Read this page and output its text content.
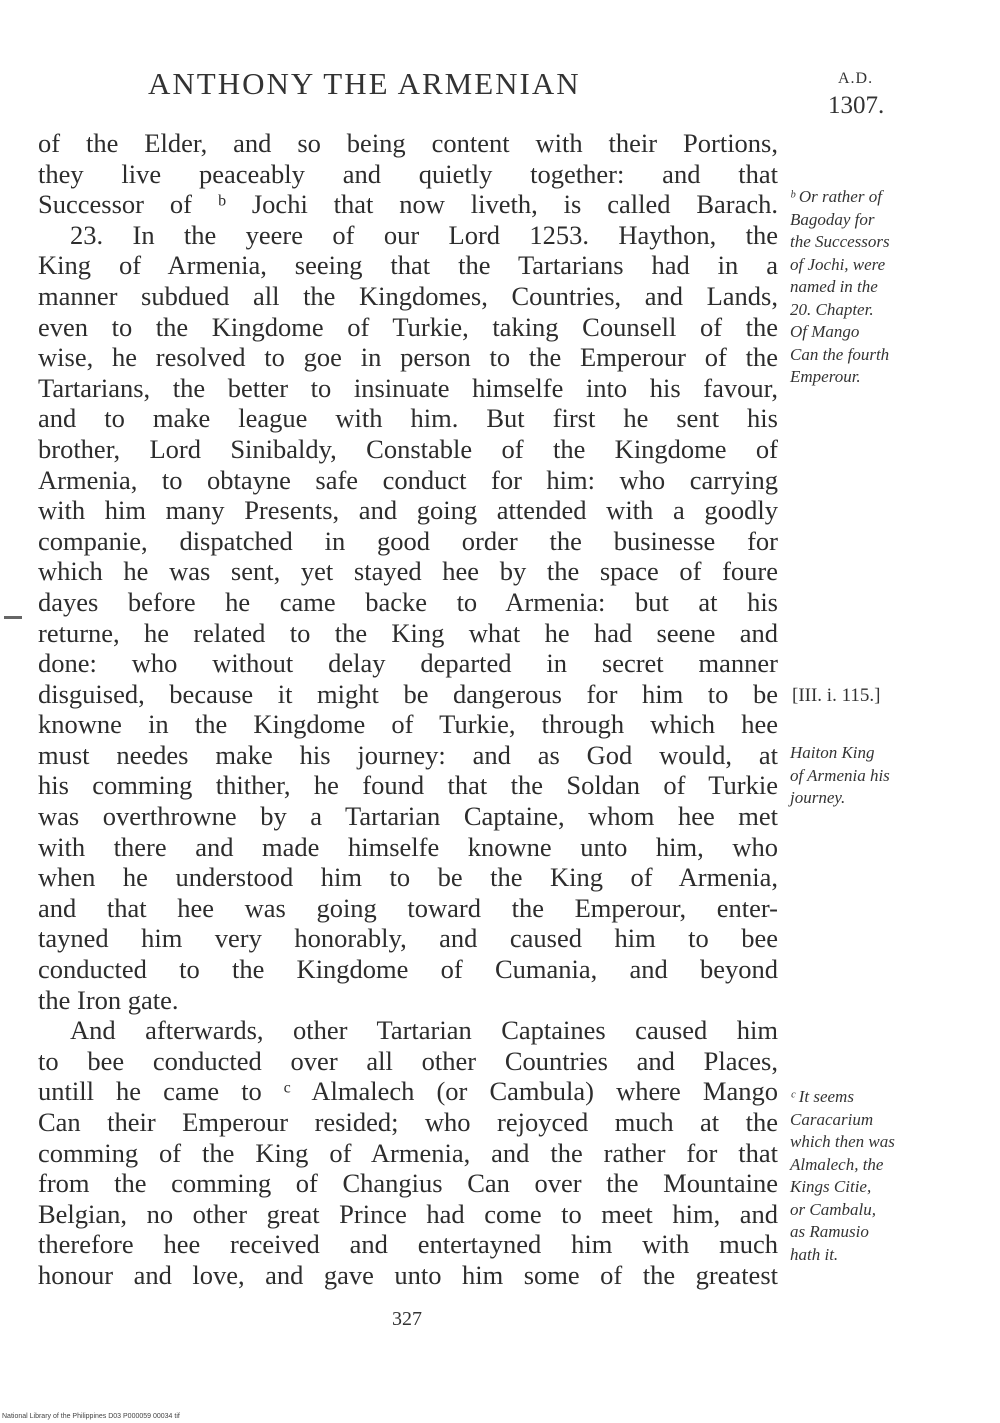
ANTHONY THE ARMENIAN	A.D.
1307.
of the Elder, and so being content with their Portions,
they live peaceably and quietly together: and that
Successor of ᵇ Jochi that now liveth, is called Barach.
23. In the yeere of our Lord 1253. Haython, the
King of Armenia, seeing that the Tartarians had in a
manner subdued all the Kingdomes, Countries, and Lands,
even to the Kingdome of Turkie, taking Counsell of the
wise, he resolved to goe in person to the Emperour of the
Tartarians, the better to insinuate himselfe into his favour,
and to make league with him. But first he sent his
brother, Lord Sinibaldy, Constable of the Kingdome of
Armenia, to obtayne safe conduct for him: who carrying
with him many Presents, and going attended with a goodly
companie, dispatched in good order the businesse for
which he was sent, yet stayed hee by the space of foure
dayes before he came backe to Armenia: but at his
returne, he related to the King what he had seene and
done: who without delay departed in secret manner
disguised, because it might be dangerous for him to be
knowne in the Kingdome of Turkie, through which hee
must needes make his journey: and as God would, at
his comming thither, he found that the Soldan of Turkie
was overthrowne by a Tartarian Captaine, whom hee met
with there and made himselfe knowne unto him, who
when he understood him to be the King of Armenia,
and that hee was going toward the Emperour, enter-
tayned him very honorably, and caused him to bee
conducted to the Kingdome of Cumania, and beyond
the Iron gate.
And afterwards, other Tartarian Captaines caused him
to bee conducted over all other Countries and Places,
untill he came to ᶜ Almalech (or Cambula) where Mango
Can their Emperour resided; who rejoyced much at the
comming of the King of Armenia, and the rather for that
from the comming of Changius Can over the Mountaine
Belgian, no other great Prince had come to meet him, and
therefore hee received and entertayned him with much
honour and love, and gave unto him some of the greatest
ᵇ Or rather of
Bagoday for
the Successors
of Jochi, were
named in the
20. Chapter.
Of Mango
Can the fourth
Emperour.
[III. i. 115.]
Haiton King
of Armenia his
journey.
ᶜ It seems
Caracarium
which then was
Almalech, the
Kings Citie,
or Cambalu,
as Ramusio
hath it.
327
National Library of the Philippines D03 P000059 00034 tif
